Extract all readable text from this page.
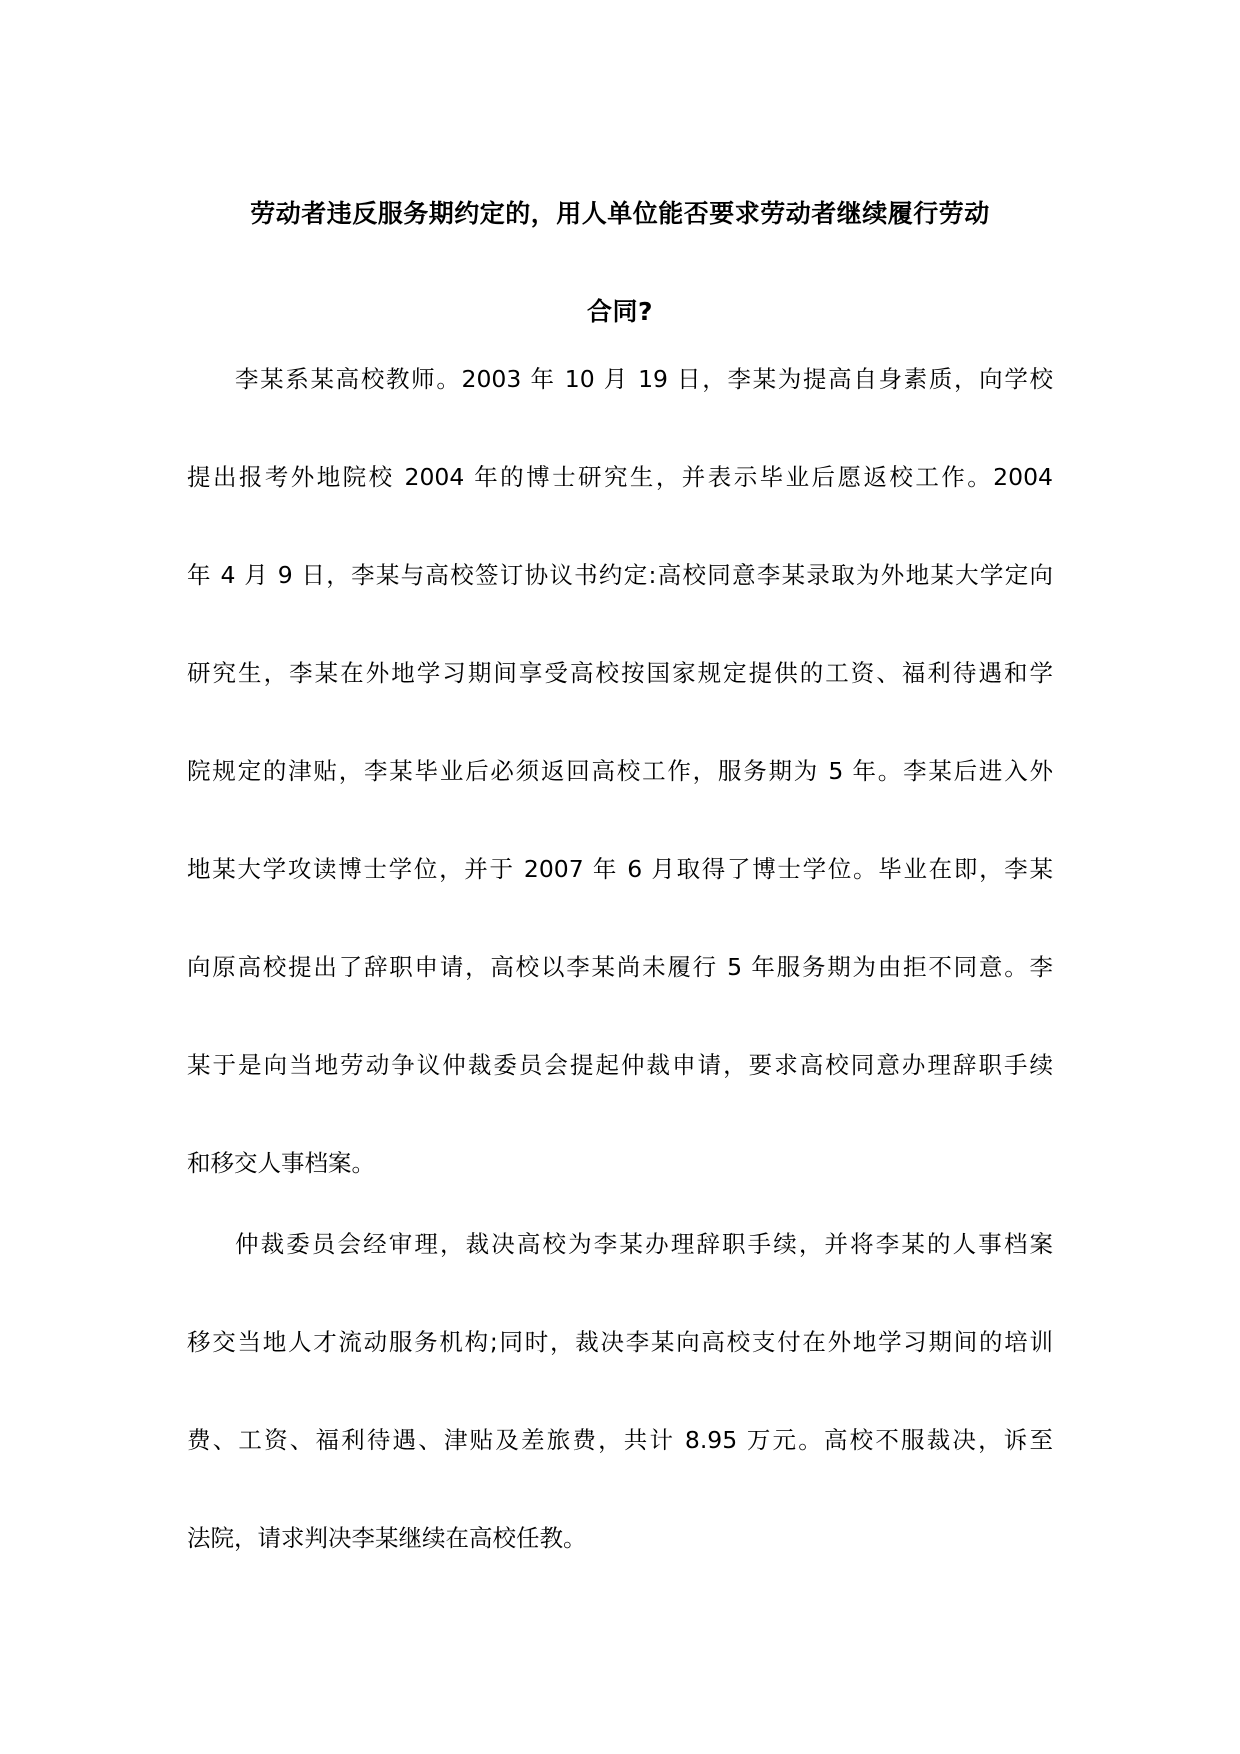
劳动者违反服务期约定的，用人单位能否要求劳动者继续履行劳动
合同?
李某系某高校教师。2003 年 10 月 19 日，李某为提高自身素质，向学校
提出报考外地院校 2004 年的博士研究生，并表示毕业后愿返校工作。2004
年 4 月 9 日，李某与高校签订协议书约定:高校同意李某录取为外地某大学定向
研究生，李某在外地学习期间享受高校按国家规定提供的工资、福利待遇和学
院规定的津贴，李某毕业后必须返回高校工作，服务期为 5 年。李某后进入外
地某大学攻读博士学位，并于 2007 年 6 月取得了博士学位。毕业在即，李某
向原高校提出了辞职申请，高校以李某尚未履行 5 年服务期为由拒不同意。李
某于是向当地劳动争议仲裁委员会提起仲裁申请，要求高校同意办理辞职手续
和移交人事档案。
仲裁委员会经审理，裁决高校为李某办理辞职手续，并将李某的人事档案
移交当地人才流动服务机构;同时，裁决李某向高校支付在外地学习期间的培训
费、工资、福利待遇、津贴及差旅费，共计 8.95 万元。高校不服裁决，诉至
法院，请求判决李某继续在高校任教。
